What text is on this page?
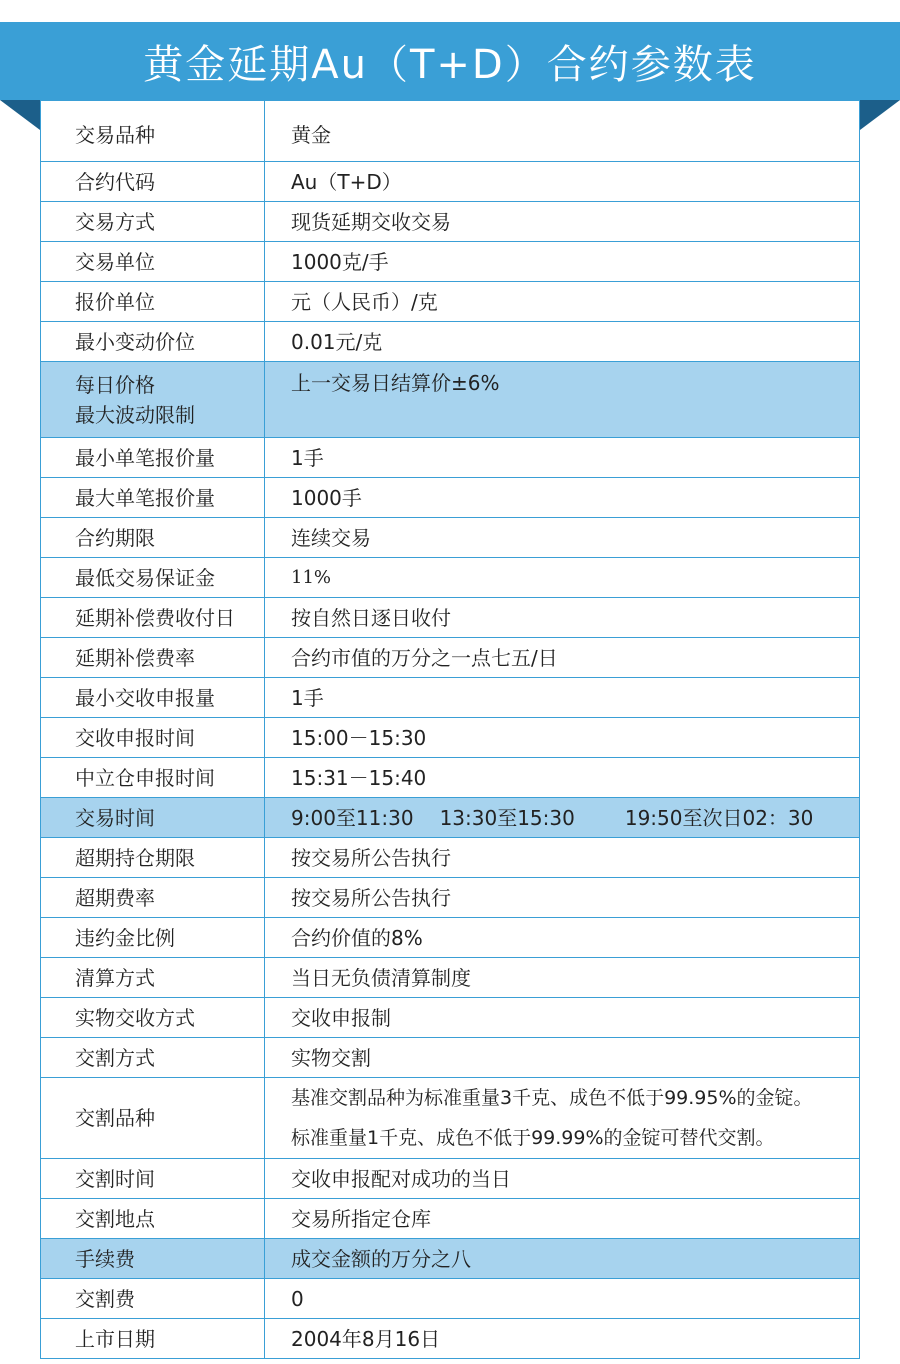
黄金延期Au（T+D）合约参数表
交易品种	黄金
合约代码	Au（T+D）
交易方式	现货延期交收交易
交易单位	1000克/手
报价单位	元（人民币）/克
最小变动价位	0.01元/克

每日价格
最大波动限制	上一交易日结算价±6%
最小单笔报价量	1手
最大单笔报价量	1000手
合约期限	连续交易
最低交易保证金	11%
延期补偿费收付日	按自然日逐日收付
延期补偿费率	合约市值的万分之一点七五/日
最小交收申报量	1手
交收申报时间	15:00－15:30
中立仓申报时间	15:31－15:40
交易时间	9:00至11:30 13:30至15:30 19:50至次日02：30
超期持仓期限	按交易所公告执行
超期费率	按交易所公告执行
违约金比例	合约价值的8%
清算方式	当日无负债清算制度
实物交收方式	交收申报制
交割方式	实物交割
交割品种	基准交割品种为标准重量3千克、成色不低于99.95%的金锭。
标准重量1千克、成色不低于99.99%的金锭可替代交割。

交割时间	交收申报配对成功的当日
交割地点	交易所指定仓库
手续费	成交金额的万分之八
交割费	0
上市日期	2004年8月16日
